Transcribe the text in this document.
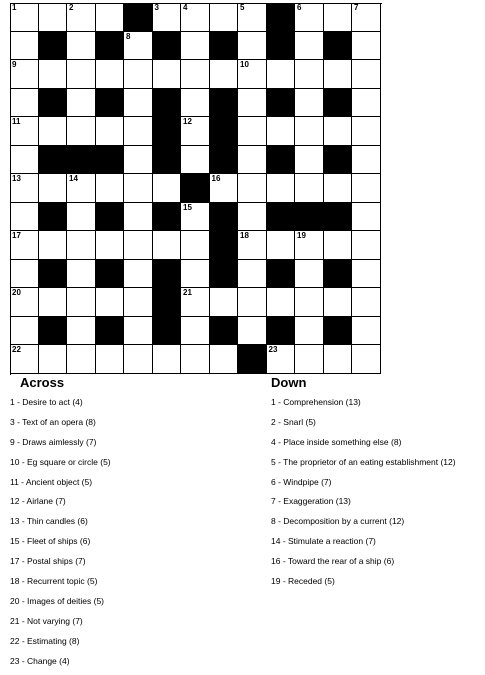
1	2	3	4	5	6	7
8
9	10
11	12
13	14	16
15
17	18	19
20	21
22	23
Across
1 - Desire to act (4)
3 - Text of an opera (8)
9 - Draws aimlessly (7)
10 - Eg square or circle (5)
11 - Ancient object (5)
12 - Airlane (7)
13 - Thin candles (6)
15 - Fleet of ships (6)
17 - Postal ships (7)
18 - Recurrent topic (5)
20 - Images of deities (5)
21 - Not varying (7)
22 - Estimating (8)
23 - Change (4)
Down
1 - Comprehension (13)
2 - Snarl (5)
4 - Place inside something else (8)
5 - The proprietor of an eating establishment (12)
6 - Windpipe (7)
7 - Exaggeration (13)
8 - Decomposition by a current (12)
14 - Stimulate a reaction (7)
16 - Toward the rear of a ship (6)
19 - Receded (5)
